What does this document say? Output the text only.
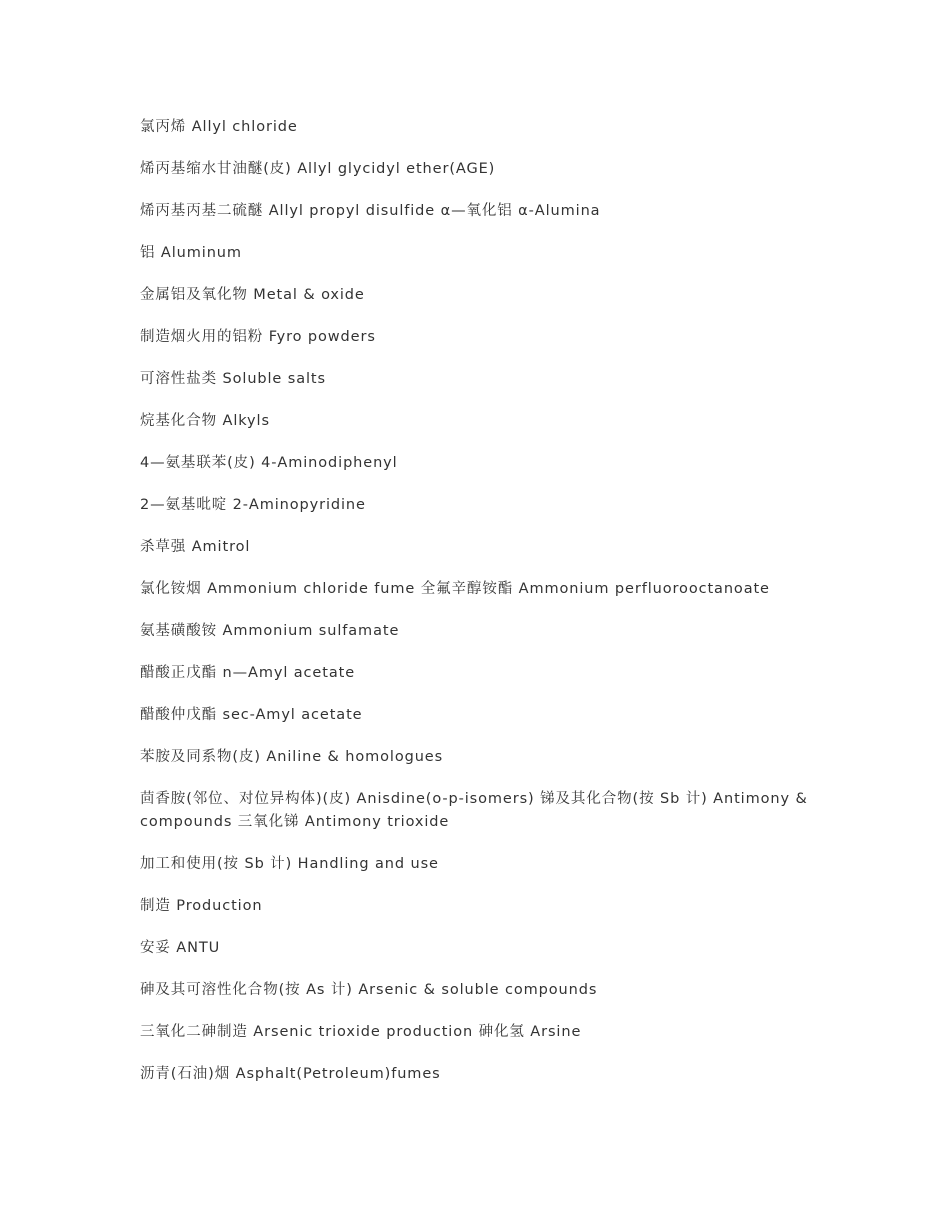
氯丙烯 Allyl chloride
烯丙基缩水甘油醚(皮) Allyl glycidyl ether(AGE)
烯丙基丙基二硫醚 Allyl propyl disulfide α—氧化铝 α-Alumina
铝 Aluminum
金属铝及氧化物 Metal & oxide
制造烟火用的铝粉 Fyro powders
可溶性盐类 Soluble salts
烷基化合物 Alkyls
4—氨基联苯(皮) 4-Aminodiphenyl
2—氨基吡啶 2-Aminopyridine
杀草强 Amitrol
氯化铵烟 Ammonium chloride fume 全氟辛醇铵酯 Ammonium perfluorooctanoate
氨基磺酸铵 Ammonium sulfamate
醋酸正戊酯 n—Amyl acetate
醋酸仲戊酯 sec-Amyl acetate
苯胺及同系物(皮) Aniline & homologues
茴香胺(邻位、对位异构体)(皮) Anisdine(o-p-isomers) 锑及其化合物(按 Sb 计) Antimony & compounds 三氧化锑 Antimony trioxide
加工和使用(按 Sb 计) Handling and use
制造 Production
安妥 ANTU
砷及其可溶性化合物(按 As 计) Arsenic & soluble compounds
三氧化二砷制造 Arsenic trioxide production 砷化氢 Arsine
沥青(石油)烟 Asphalt(Petroleum)fumes
